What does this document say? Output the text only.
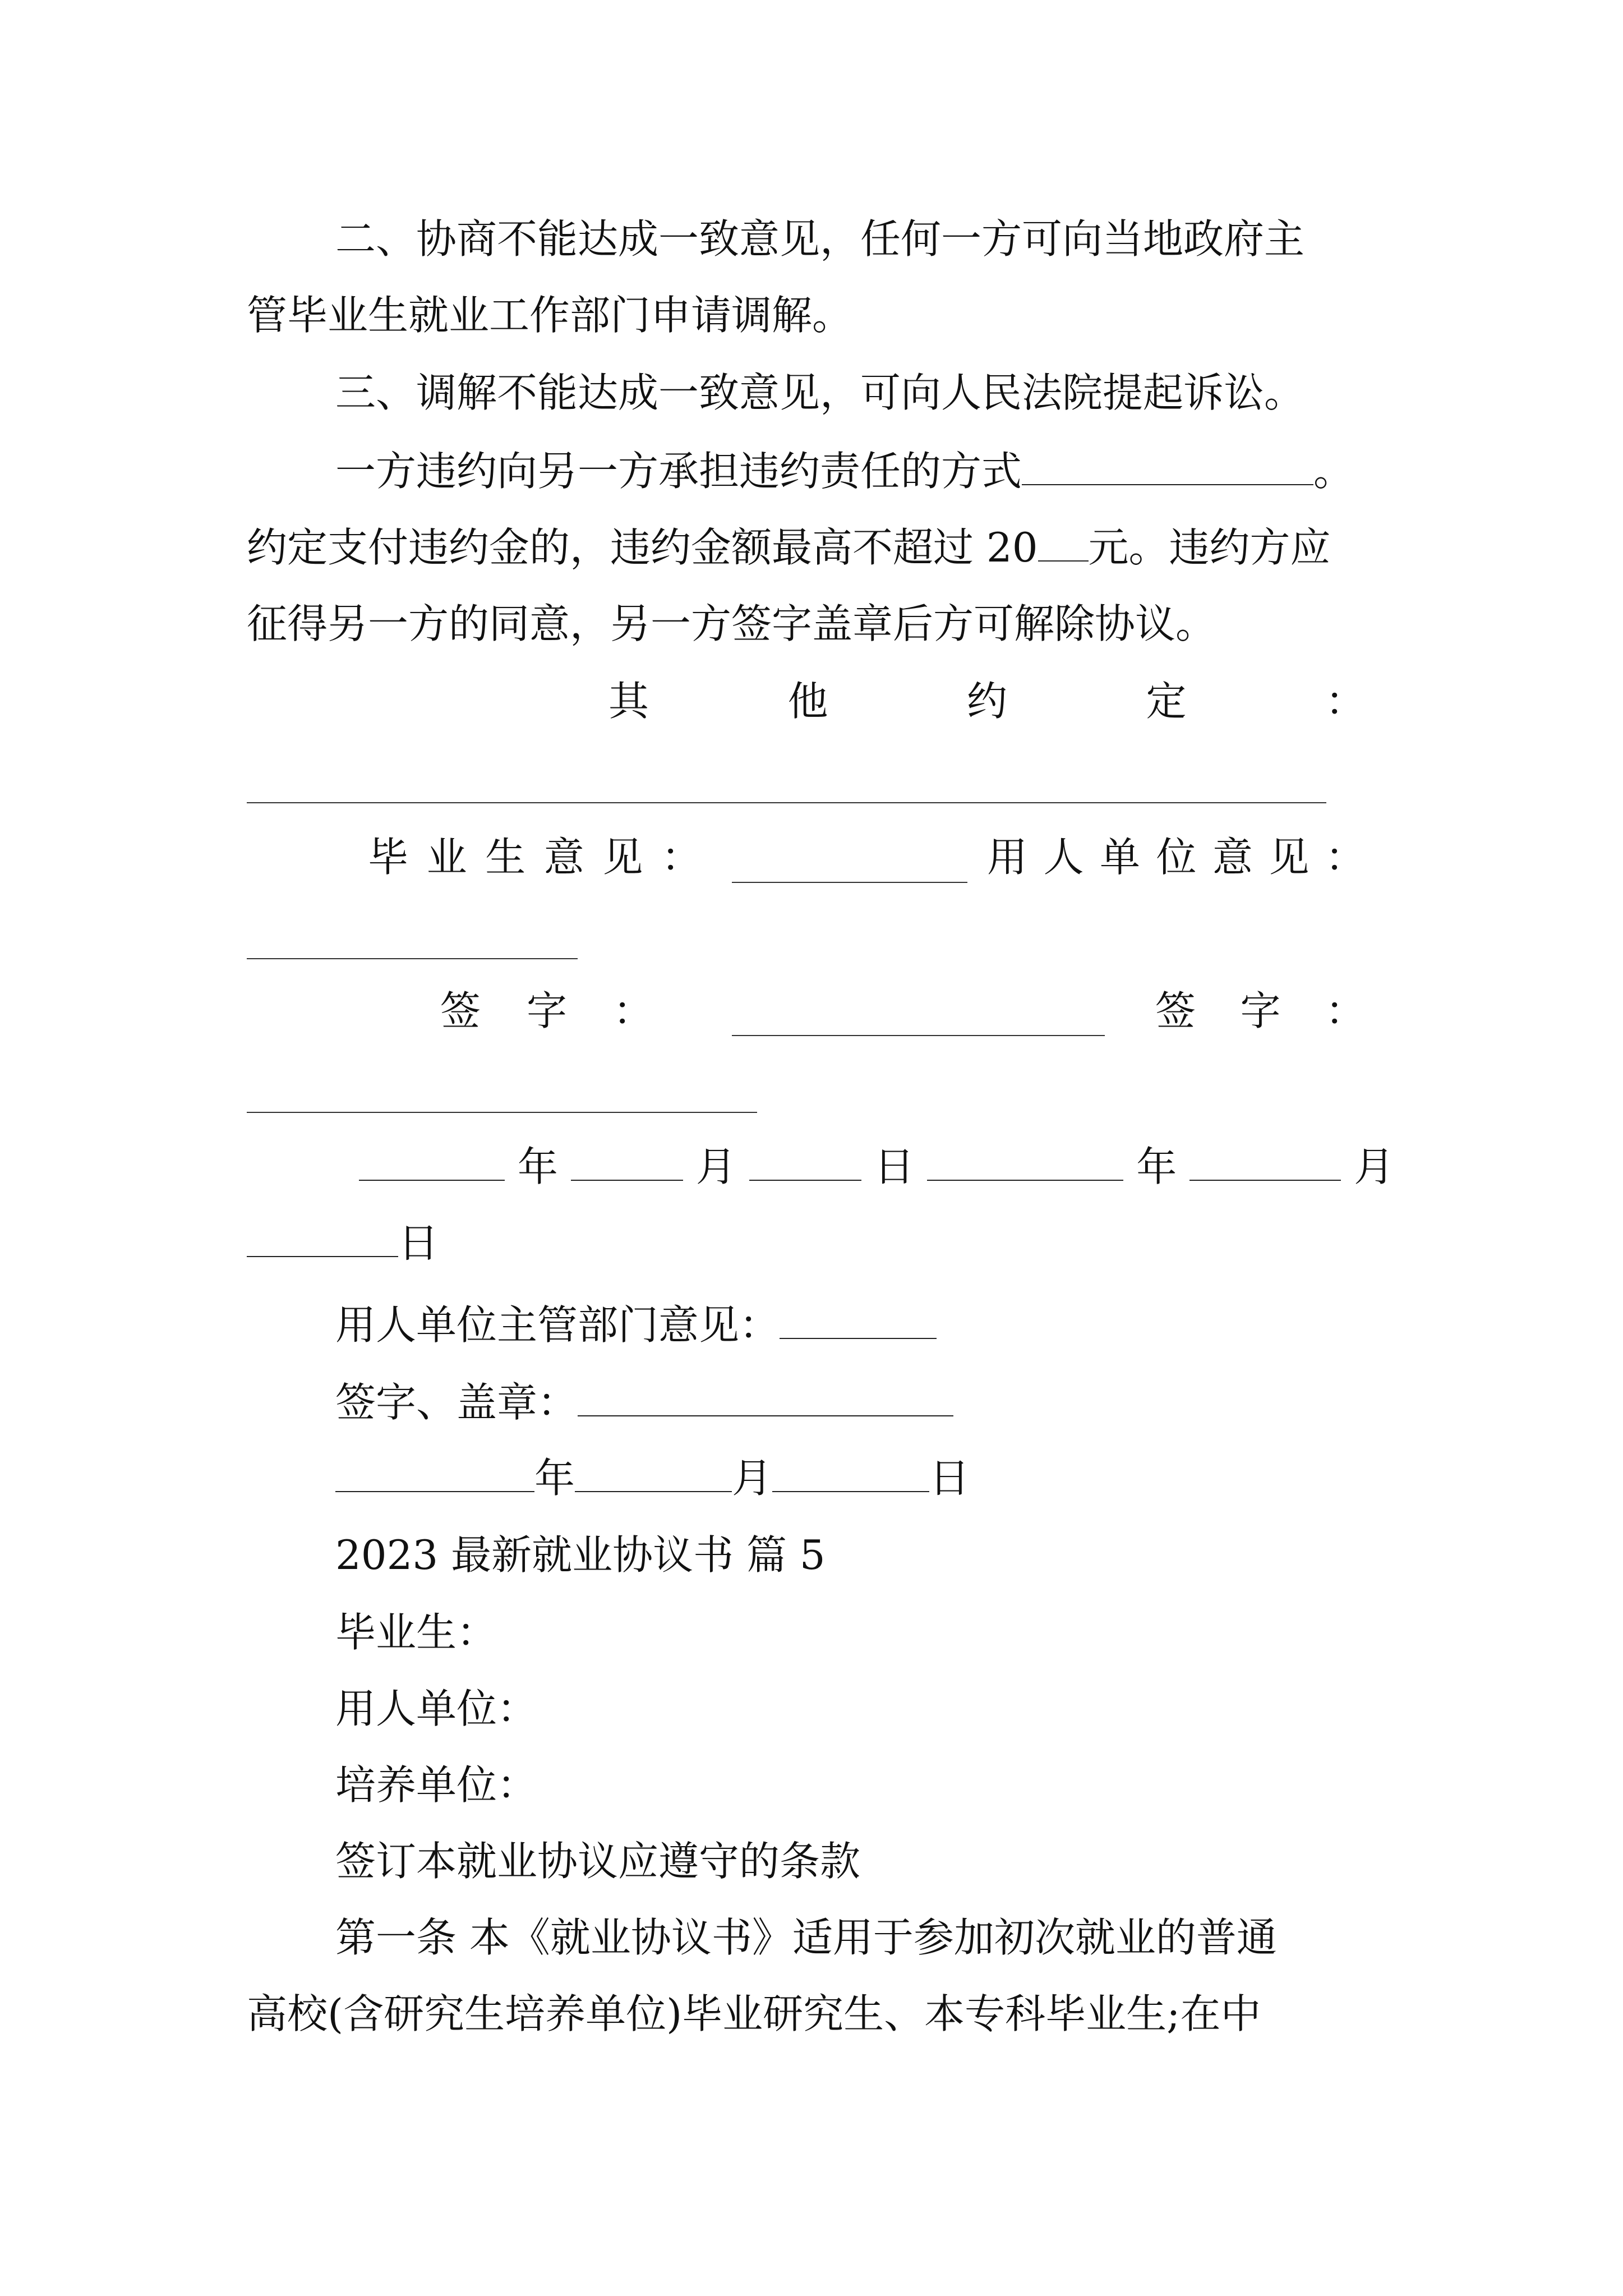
二、协商不能达成一致意见，任何一方可向当地政府主
管毕业生就业工作部门申请调解。
三、调解不能达成一致意见，可向人民法院提起诉讼。
一方违约向另一方承担违约责任的方式	。
约定支付违约金的，违约金额最高不超过 20 元。违约方应
征得另一方的同意，另一方签字盖章后方可解除协议。
其	他	约	定	：
毕 业 生 意 见 ：	用 人 单 位 意 见 ：
签 字 ：	签 字 ：
年	月	日	年	月
日
用人单位主管部门意见：
签字、盖章：
年	月	日
2023 最新就业协议书 篇 5
毕业生：
用人单位：
培养单位：
签订本就业协议应遵守的条款
第一条 本《就业协议书》适用于参加初次就业的普通
高校(含研究生培养单位)毕业研究生、本专科毕业生;在中
